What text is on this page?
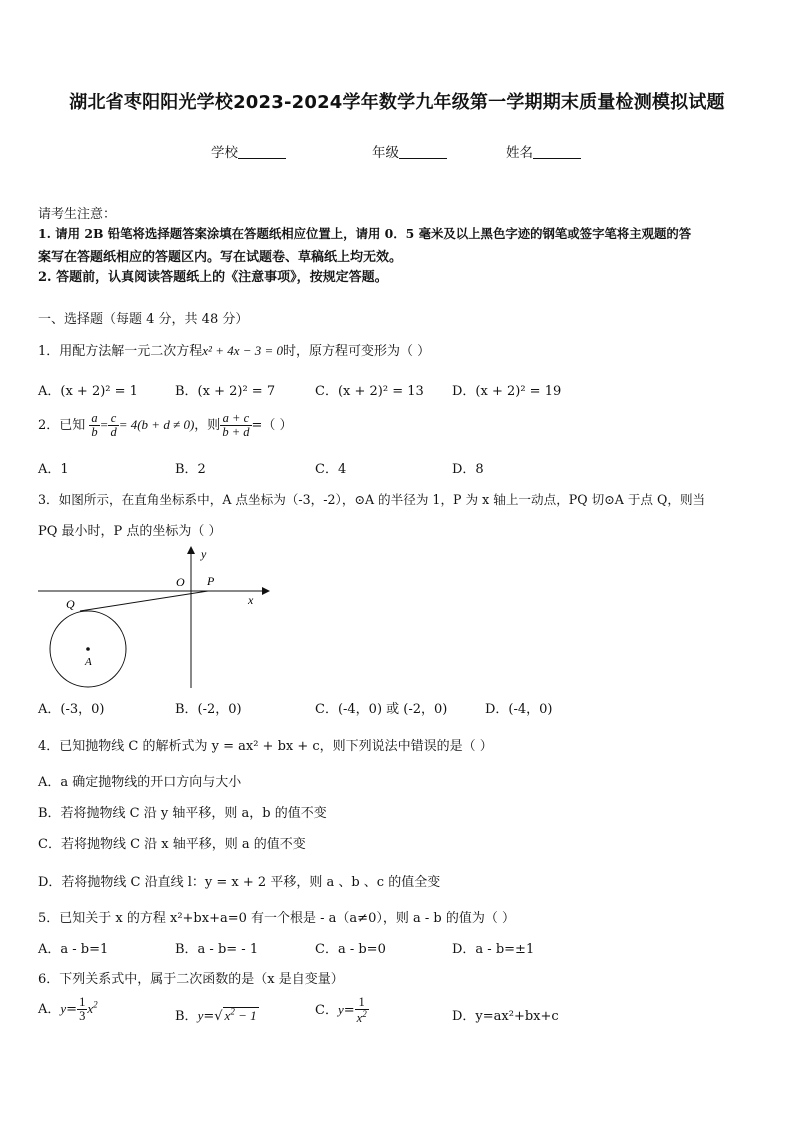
湖北省枣阳阳光学校2023-2024学年数学九年级第一学期期末质量检测模拟试题
学校	年级	姓名
请考生注意：
1. 请用 2B 铅笔将选择题答案涂填在答题纸相应位置上，请用 0．5 毫米及以上黑色字迹的钢笔或签字笔将主观题的答
案写在答题纸相应的答题区内。写在试题卷、草稿纸上均无效。
2. 答题前，认真阅读答题纸上的《注意事项》，按规定答题。
一、选择题（每题 4 分，共 48 分）
1．用配方法解一元二次方程x² + 4x − 3 = 0时，原方程可变形为（ ）
A．(x + 2)² = 1	B．(x + 2)² = 7	C．(x + 2)² = 13 D．(x + 2)² = 19
2．已知 $\frac{a}{b} = \frac{c}{d} = 4(b + d \ne 0)$，则 $\frac{a + c}{b + d}$ =（ ）
A．1	B．2	C．4	D．8
3．如图所示，在直角坐标系中，A 点坐标为（-3，-2），⊙A 的半径为 1，P 为 x 轴上一动点，PQ 切⊙A 于点 Q，则当
PQ 最小时，P 点的坐标为（ ）
y
x
O P
Q
A
A．(-3，0)	B．(-2，0)	C．(-4，0) 或 (-2，0)	D．(-4，0)
4．已知抛物线 C 的解析式为 y = ax² + bx + c，则下列说法中错误的是（ ）
A．a 确定抛物线的开口方向与大小
B．若将抛物线 C 沿 y 轴平移，则 a，b 的值不变
C．若将抛物线 C 沿 x 轴平移，则 a 的值不变
D．若将抛物线 C 沿直线 l：y = x + 2 平移，则 a 、b 、c 的值全变
5．已知关于 x 的方程 x²+bx+a=0 有一个根是 - a（a≠0），则 a - b 的值为（ ）
A．a - b=1	B．a - b= - 1	C．a - b=0	D．a - b=±1
6．下列关系式中，属于二次函数的是（x 是自变量）
A．$y= \frac{1}{3} x^2$
B．y=√ $x^2 - 1$	C．$y= \frac{1}{x^2}$	D．y=ax²+bx+c
